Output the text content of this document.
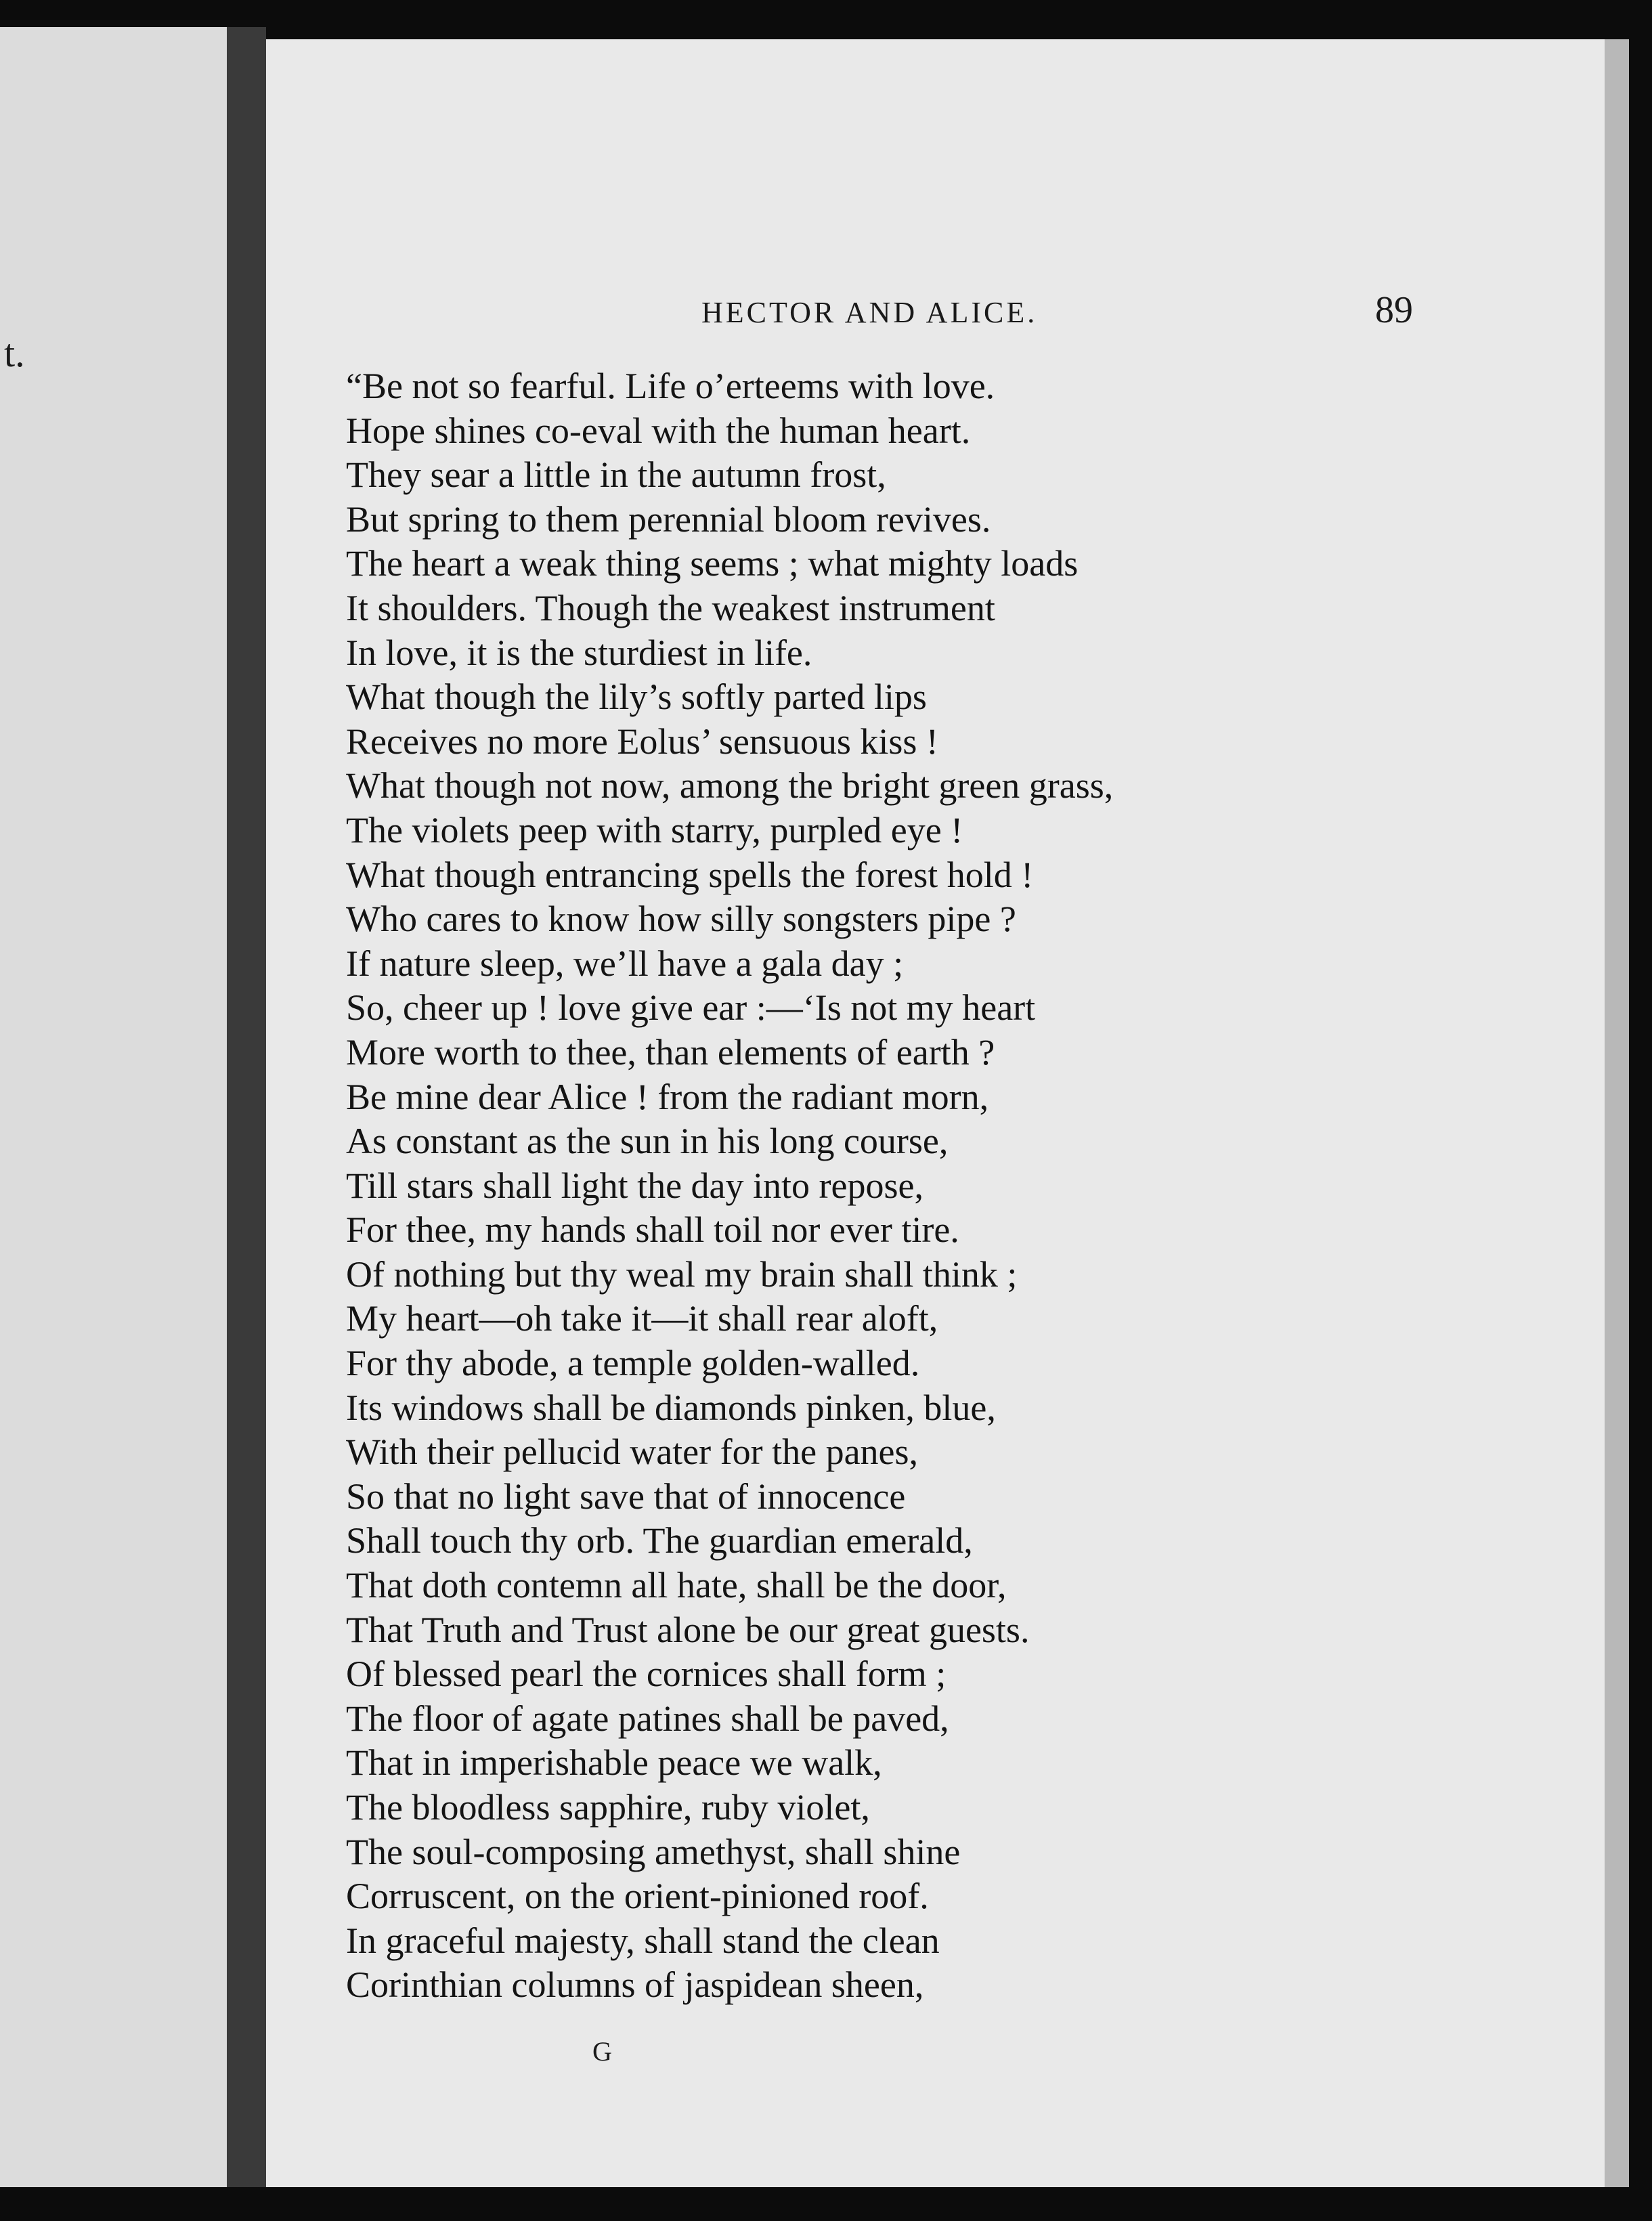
t.
HECTOR AND ALICE.	89
“Be not so fearful. Life o’erteems with love.
Hope shines co-eval with the human heart.
They sear a little in the autumn frost,
But spring to them perennial bloom revives.
The heart a weak thing seems ; what mighty loads
It shoulders. Though the weakest instrument
In love, it is the sturdiest in life.
What though the lily’s softly parted lips
Receives no more Eolus’ sensuous kiss !
What though not now, among the bright green grass,
The violets peep with starry, purpled eye !
What though entrancing spells the forest hold !
Who cares to know how silly songsters pipe ?
If nature sleep, we’ll have a gala day ;
So, cheer up ! love give ear :—‘Is not my heart
More worth to thee, than elements of earth ?
Be mine dear Alice ! from the radiant morn,
As constant as the sun in his long course,
Till stars shall light the day into repose,
For thee, my hands shall toil nor ever tire.
Of nothing but thy weal my brain shall think ;
My heart—oh take it—it shall rear aloft,
For thy abode, a temple golden-walled.
Its windows shall be diamonds pinken, blue,
With their pellucid water for the panes,
So that no light save that of innocence
Shall touch thy orb. The guardian emerald,
That doth contemn all hate, shall be the door,
That Truth and Trust alone be our great guests.
Of blessed pearl the cornices shall form ;
The floor of agate patines shall be paved,
That in imperishable peace we walk,
The bloodless sapphire, ruby violet,
The soul-composing amethyst, shall shine
Corruscent, on the orient-pinioned roof.
In graceful majesty, shall stand the clean
Corinthian columns of jaspidean sheen,
G
